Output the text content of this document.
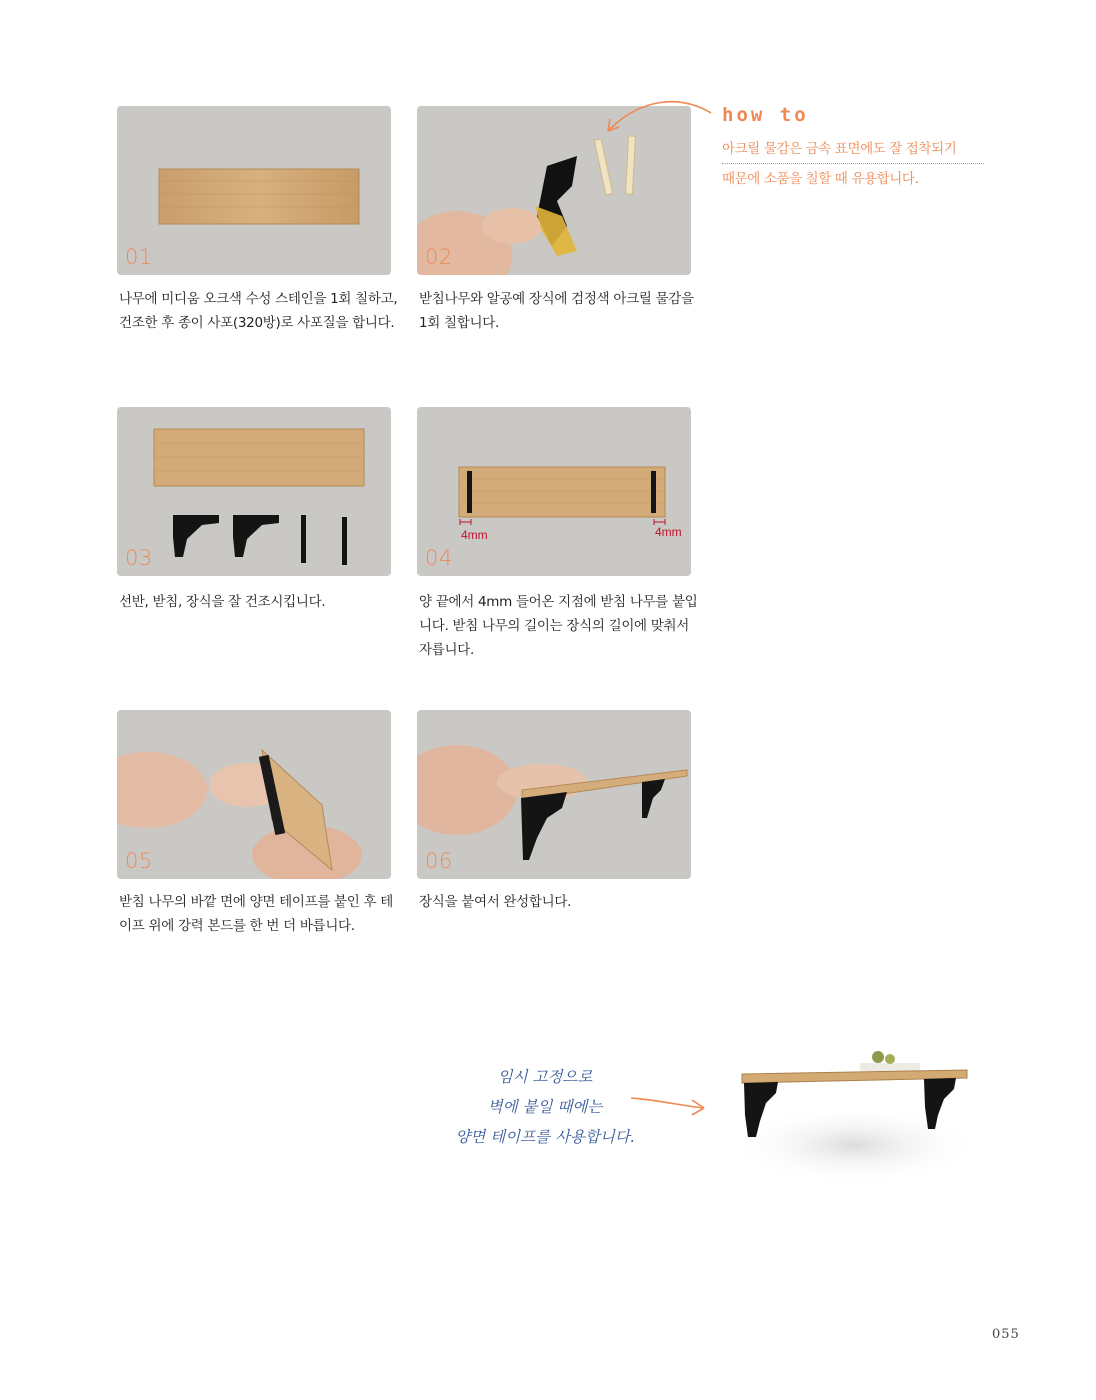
01

나무에 미디움 오크색 수성 스테인을 1회 칠하고,
건조한 후 종이 사포(320방)로 사포질을 합니다.

02

받침나무와 알공예 장식에 검정색 아크릴 물감을
1회 칠합니다.

how to

아크릴 물감은 금속 표면에도 잘 접착되기
때문에 소품을 칠할 때 유용합니다.

03

선반, 받침, 장식을 잘 건조시킵니다.

4mm	4mm
04

양 끝에서 4mm 들어온 지점에 받침 나무를 붙입
니다. 받침 나무의 길이는 장식의 길이에 맞춰서
자릅니다.

05

받침 나무의 바깥 면에 양면 테이프를 붙인 후 테
이프 위에 강력 본드를 한 번 더 바릅니다.

06

장식을 붙여서 완성합니다.

임시 고정으로
벽에 붙일 때에는
양면 테이프를 사용합니다.

055
